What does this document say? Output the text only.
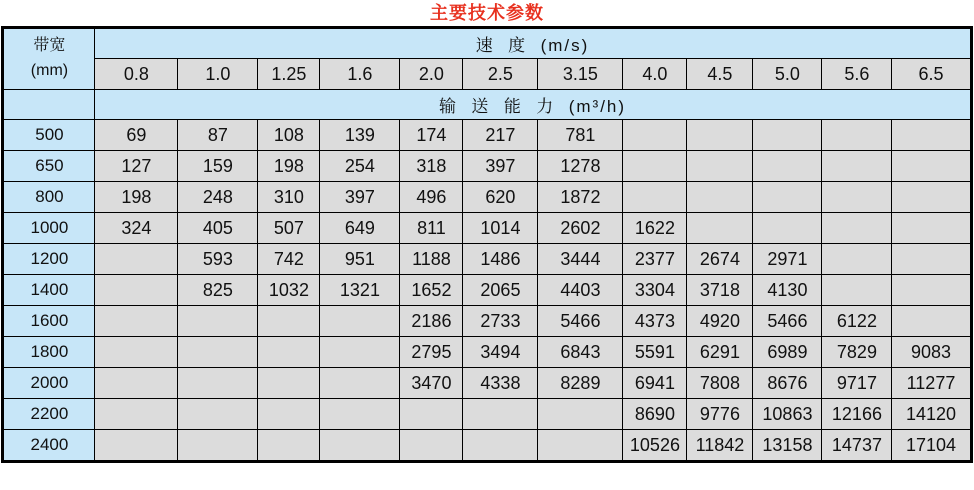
主要技术参数
带宽
(mm)	速  度  (m/s)											
	0.8	1.0	1.25	1.6	2.0	2.5	3.15	4.0	4.5	5.0	5.6	6.5
	输  送  能  力  (m³/h)											
500	69	87	108	139	174	217	781					
650	127	159	198	254	318	397	1278					
800	198	248	310	397	496	620	1872					
1000	324	405	507	649	811	1014	2602	1622				
1200		593	742	951	1188	1486	3444	2377	2674	2971		
1400		825	1032	1321	1652	2065	4403	3304	3718	4130		
1600					2186	2733	5466	4373	4920	5466	6122	
1800					2795	3494	6843	5591	6291	6989	7829	9083
2000					3470	4338	8289	6941	7808	8676	9717	11277
2200								8690	9776	10863	12166	14120
2400								10526	11842	13158	14737	17104
